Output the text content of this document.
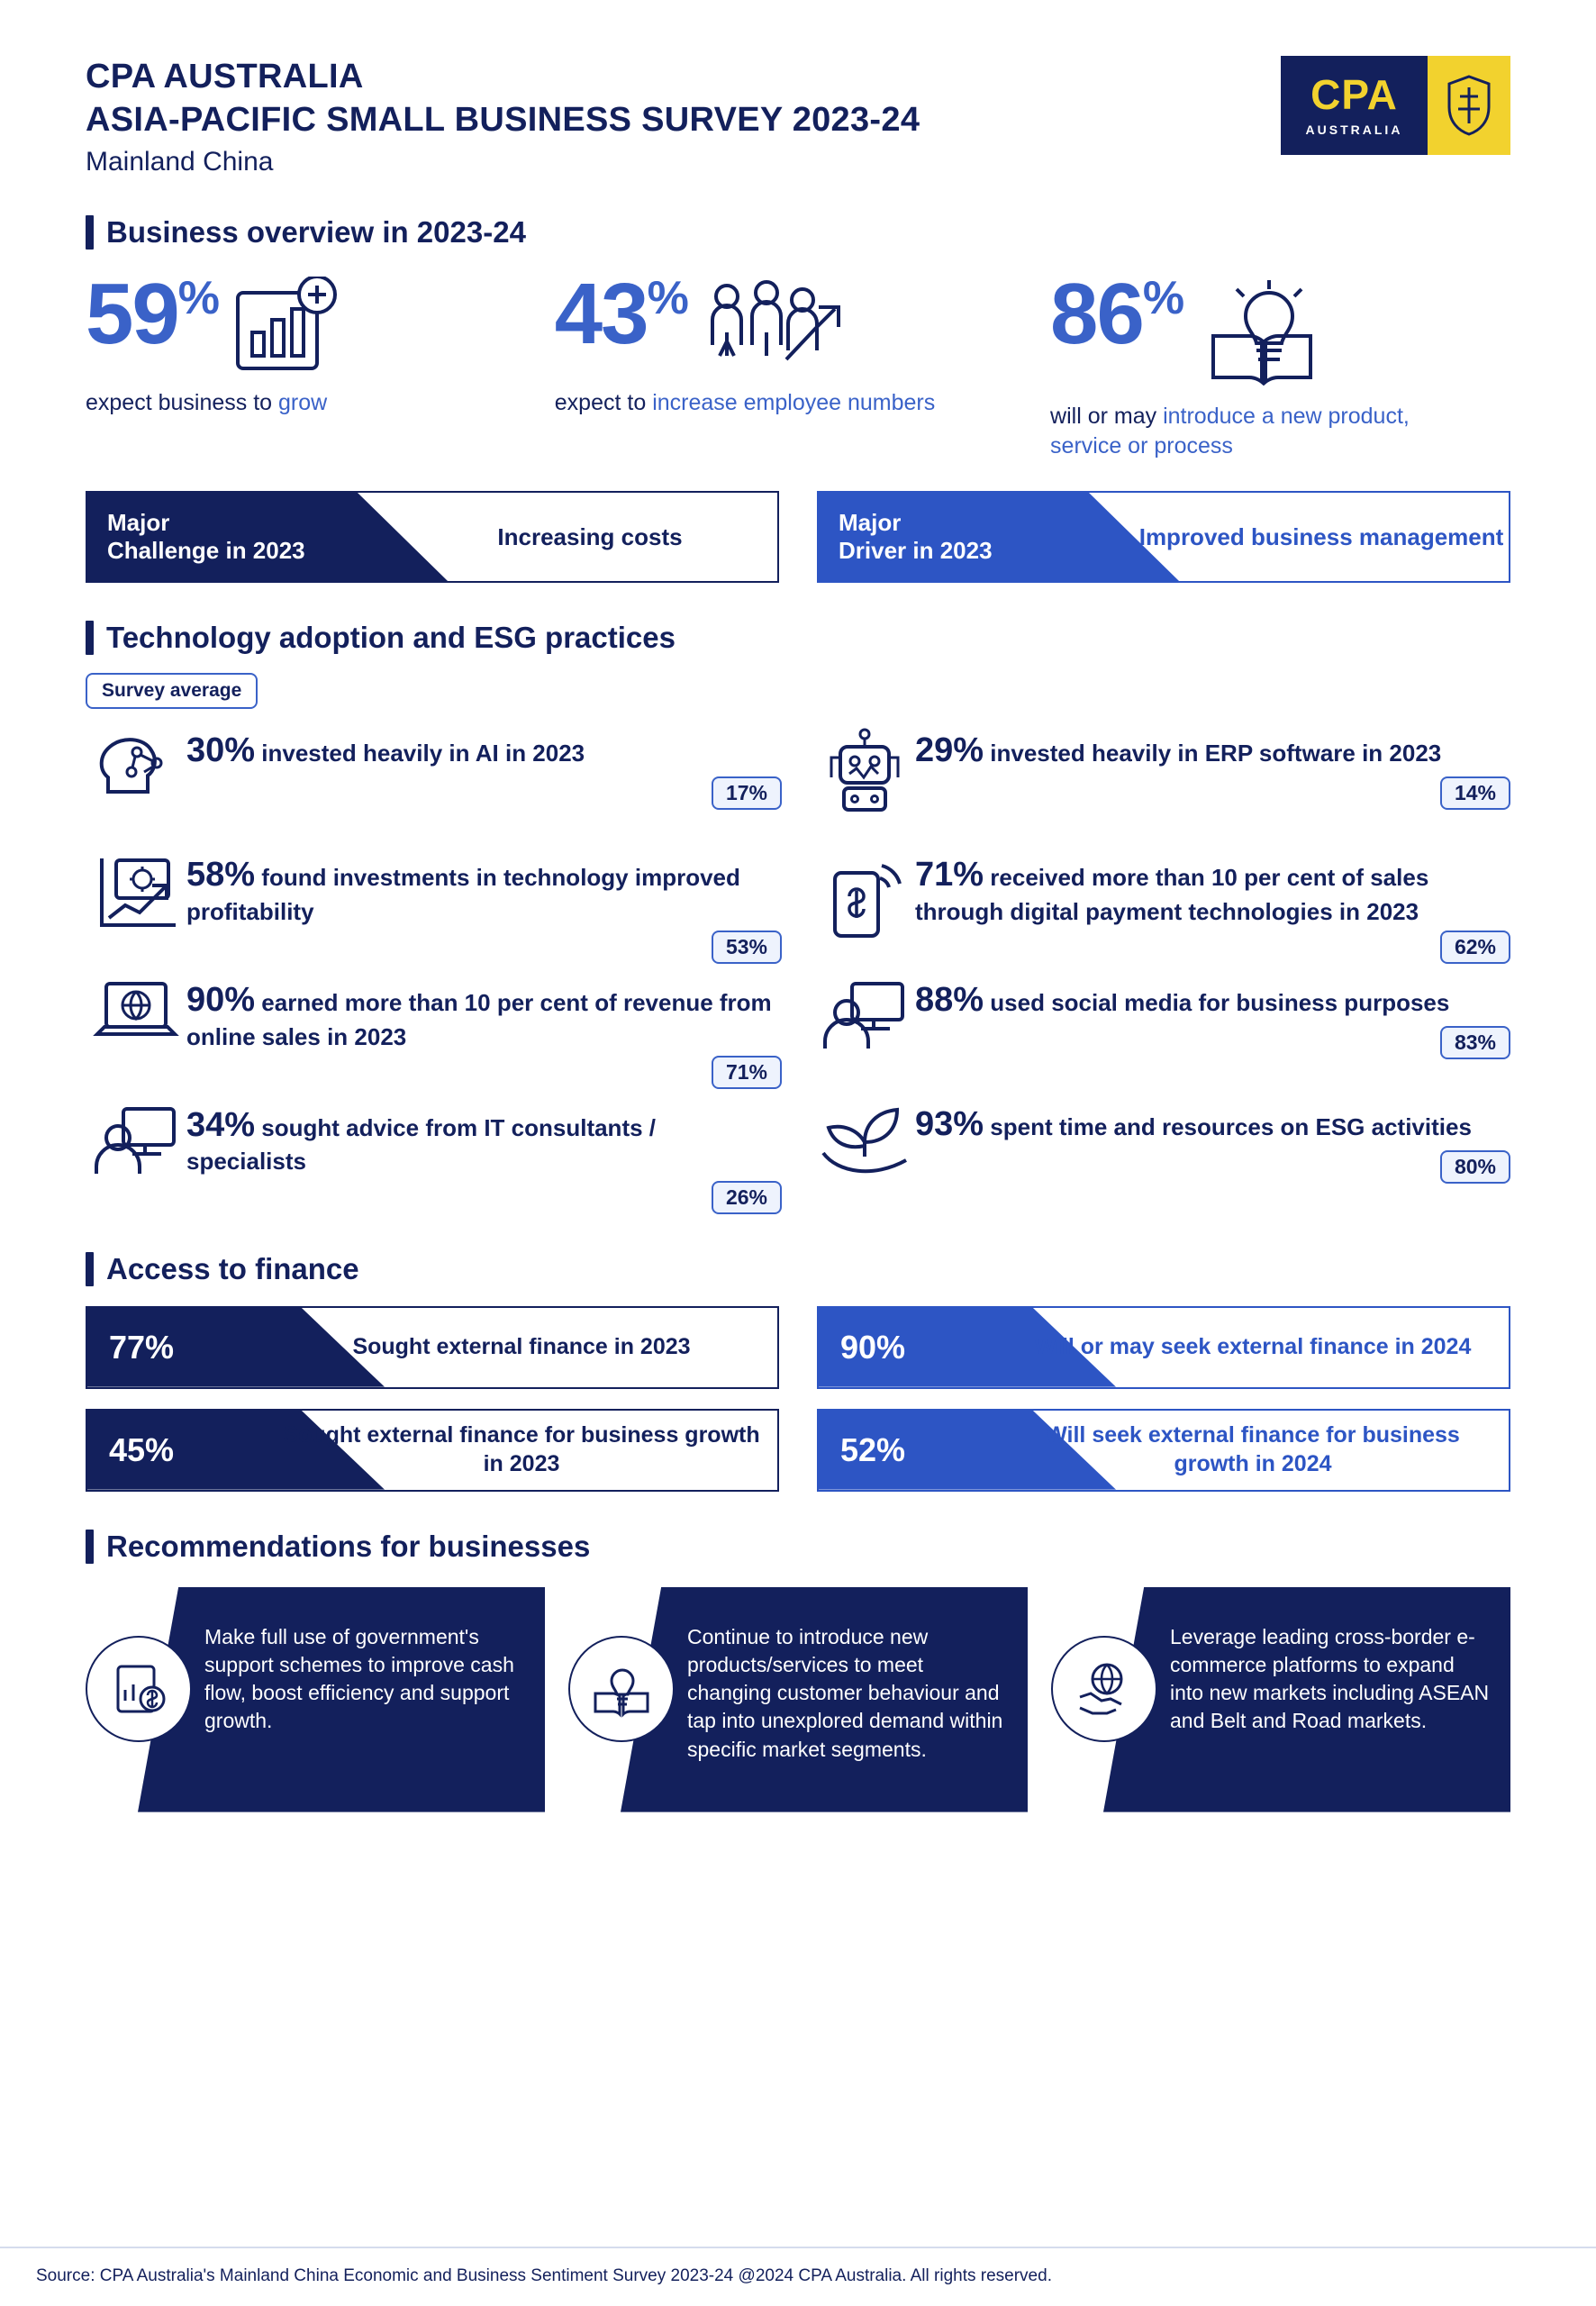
CPA AUSTRALIA
ASIA-PACIFIC SMALL BUSINESS SURVEY 2023-24
Mainland China
CPA
AUSTRALIA
Business overview in 2023-24
59%
expect business to grow
43%
expect to increase employee numbers
86%
will or may introduce a new product, service or process
Major
Challenge in 2023
Increasing costs
Major
Driver in 2023
Improved business management
Technology adoption and ESG practices
Survey average
30% invested heavily in AI in 2023
17%
58% found investments in technology improved profitability
53%
90% earned more than 10 per cent of revenue from online sales in 2023
71%
34% sought advice from IT consultants / specialists
26%
29% invested heavily in ERP software in 2023
14%
71% received more than 10 per cent of sales through digital payment technologies in 2023
62%
88% used social media for business purposes
83%
93% spent time and resources on ESG activities
80%
Access to finance
77%	Sought external finance in 2023
45%	Sought external finance for business growth in 2023
90%	Will or may seek external finance in 2024
52%	Will seek external finance for business growth in 2024
Recommendations for businesses
Make full use of government's support schemes to improve cash flow, boost efficiency and support growth.
Continue to introduce new products/services to meet changing customer behaviour and tap into unexplored demand within specific market segments.
Leverage leading cross-border e-commerce platforms to expand into new markets including ASEAN and Belt and Road markets.
Source: CPA Australia's Mainland China Economic and Business Sentiment Survey 2023-24 @2024 CPA Australia. All rights reserved.
